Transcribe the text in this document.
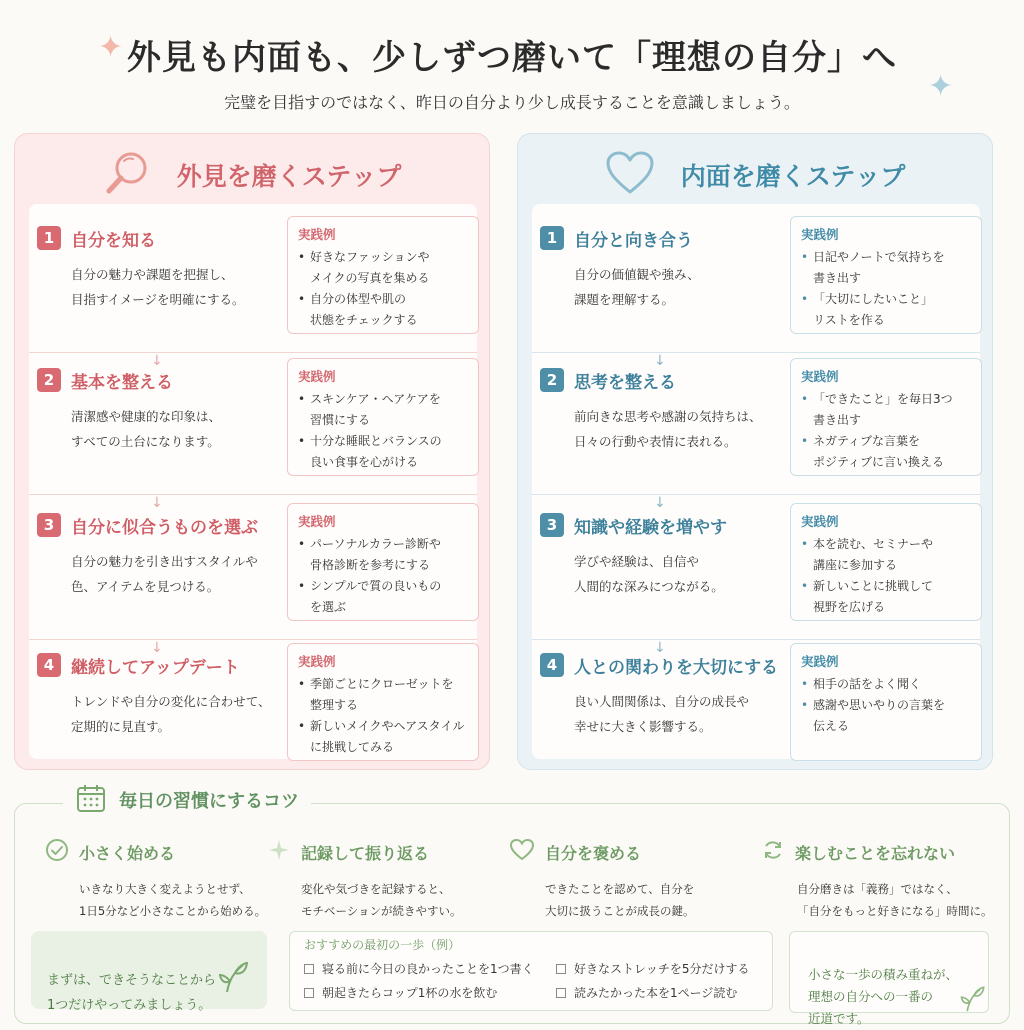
✦
✦
外見も内面も、少しずつ磨いて「理想の自分」へ
完璧を目指すのではなく、昨日の自分より少し成長することを意識しましょう。
外見を磨くステップ
1 自分を知る
自分の魅力や課題を把握し、
目指すイメージを明確にする。
実践例
• 好きなファッションや
メイクの写真を集める
• 自分の体型や肌の
状態をチェックする
↓
2 基本を整える
清潔感や健康的な印象は、
すべての土台になります。
実践例
• スキンケア・ヘアケアを
習慣にする
• 十分な睡眠とバランスの
良い食事を心がける
↓
3 自分に似合うものを選ぶ
自分の魅力を引き出すスタイルや
色、アイテムを見つける。
実践例
• パーソナルカラー診断や
骨格診断を参考にする
• シンプルで質の良いもの
を選ぶ
↓
4 継続してアップデート
トレンドや自分の変化に合わせて、
定期的に見直す。
実践例
• 季節ごとにクローゼットを
整理する
• 新しいメイクやヘアスタイル
に挑戦してみる
内面を磨くステップ
1 自分と向き合う
自分の価値観や強み、
課題を理解する。
実践例
• 日記やノートで気持ちを
書き出す
• 「大切にしたいこと」
リストを作る
↓
2 思考を整える
前向きな思考や感謝の気持ちは、
日々の行動や表情に表れる。
実践例
• 「できたこと」を毎日3つ
書き出す
• ネガティブな言葉を
ポジティブに言い換える
↓
3 知識や経験を増やす
学びや経験は、自信や
人間的な深みにつながる。
実践例
• 本を読む、セミナーや
講座に参加する
• 新しいことに挑戦して
視野を広げる
↓
4 人との関わりを大切にする
良い人間関係は、自分の成長や
幸せに大きく影響する。
実践例
• 相手の話をよく聞く
• 感謝や思いやりの言葉を
伝える
毎日の習慣にするコツ
小さく始める
いきなり大きく変えようとせず、
1日5分など小さなことから始める。
記録して振り返る
変化や気づきを記録すると、
モチベーションが続きやすい。
自分を褒める
できたことを認めて、自分を
大切に扱うことが成長の鍵。
楽しむことを忘れない
自分磨きは「義務」ではなく、
「自分をもっと好きになる」時間に。

まずは、できそうなことから
1つだけやってみましょう。

おすすめの最初の一歩（例）
寝る前に今日の良かったことを1つ書く	好きなストレッチを5分だけする
朝起きたらコップ1杯の水を飲む	読みたかった本を1ページ読む

小さな一歩の積み重ねが、
理想の自分への一番の
近道です。
